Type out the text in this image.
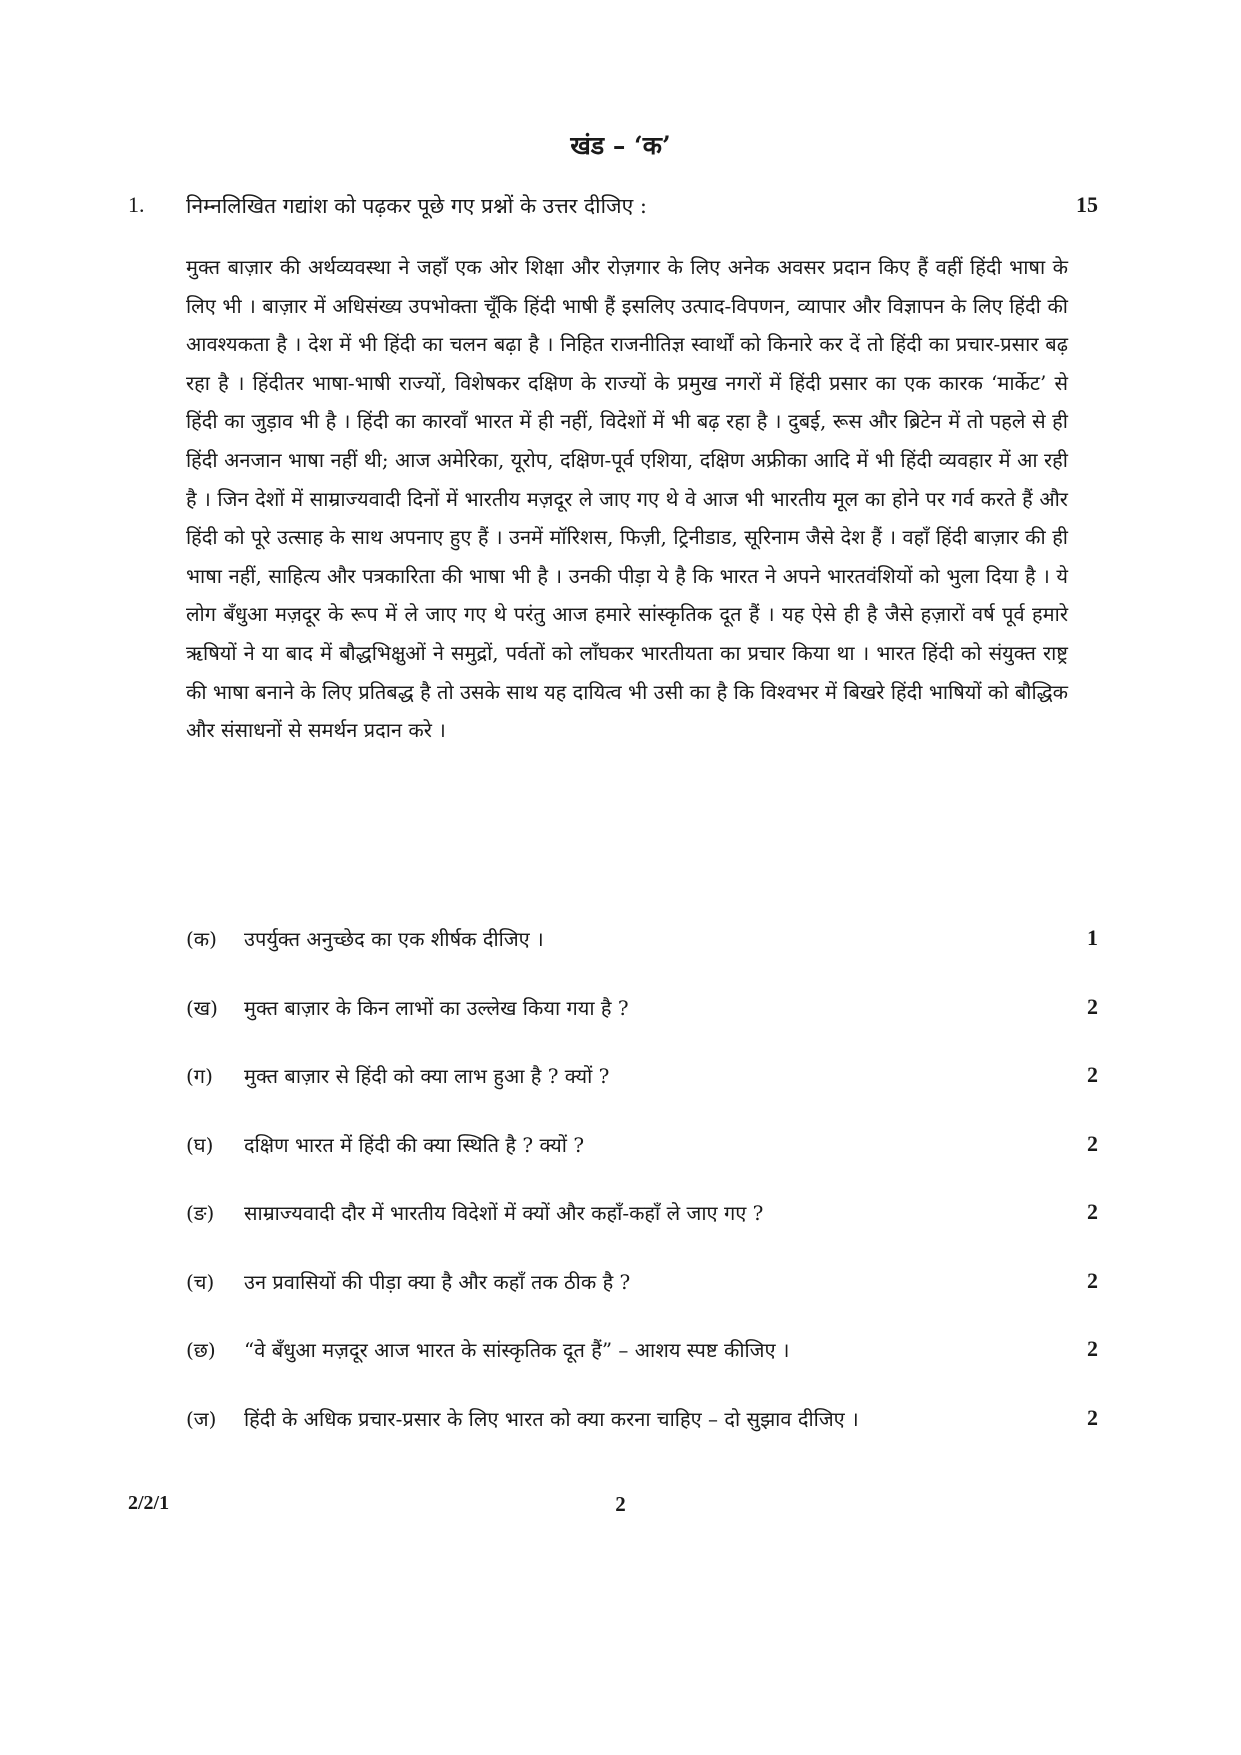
खंड – ‘क’
1. निम्नलिखित गद्यांश को पढ़कर पूछे गए प्रश्नों के उत्तर दीजिए :	15

मुक्त बाज़ार की अर्थव्यवस्था ने जहाँ एक ओर शिक्षा और रोज़गार के लिए अनेक अवसर प्रदान किए हैं वहीं हिंदी भाषा के लिए भी । बाज़ार में अधिसंख्य उपभोक्ता चूँकि हिंदी भाषी हैं इसलिए उत्पाद-विपणन, व्यापार और विज्ञापन के लिए हिंदी की आवश्यकता है । देश में भी हिंदी का चलन बढ़ा है । निहित राजनीतिज्ञ स्वार्थों को किनारे कर दें तो हिंदी का प्रचार-प्रसार बढ़ रहा है । हिंदीतर भाषा-भाषी राज्यों, विशेषकर दक्षिण के राज्यों के प्रमुख नगरों में हिंदी प्रसार का एक कारक ‘मार्केट’ से हिंदी का जुड़ाव भी है । हिंदी का कारवाँ भारत में ही नहीं, विदेशों में भी बढ़ रहा है । दुबई, रूस और ब्रिटेन में तो पहले से ही हिंदी अनजान भाषा नहीं थी; आज अमेरिका, यूरोप, दक्षिण-पूर्व एशिया, दक्षिण अफ्रीका आदि में भी हिंदी व्यवहार में आ रही है । जिन देशों में साम्राज्यवादी दिनों में भारतीय मज़दूर ले जाए गए थे वे आज भी भारतीय मूल का होने पर गर्व करते हैं और हिंदी को पूरे उत्साह के साथ अपनाए हुए हैं । उनमें मॉरिशस, फिज़ी, ट्रिनीडाड, सूरिनाम जैसे देश हैं । वहाँ हिंदी बाज़ार की ही भाषा नहीं, साहित्य और पत्रकारिता की भाषा भी है । उनकी पीड़ा ये है कि भारत ने अपने भारतवंशियों को भुला दिया है । ये लोग बँधुआ मज़दूर के रूप में ले जाए गए थे परंतु आज हमारे सांस्कृतिक दूत हैं । यह ऐसे ही है जैसे हज़ारों वर्ष पूर्व हमारे ऋषियों ने या बाद में बौद्धभिक्षुओं ने समुद्रों, पर्वतों को लाँघकर भारतीयता का प्रचार किया था । भारत हिंदी को संयुक्त राष्ट्र की भाषा बनाने के लिए प्रतिबद्ध है तो उसके साथ यह दायित्व भी उसी का है कि विश्वभर में बिखरे हिंदी भाषियों को बौद्धिक और संसाधनों से समर्थन प्रदान करे ।

(क) उपर्युक्त अनुच्छेद का एक शीर्षक दीजिए ।	1
(ख) मुक्त बाज़ार के किन लाभों का उल्लेख किया गया है ?	2
(ग) मुक्त बाज़ार से हिंदी को क्या लाभ हुआ है ? क्यों ?	2
(घ) दक्षिण भारत में हिंदी की क्या स्थिति है ? क्यों ?	2
(ङ) साम्राज्यवादी दौर में भारतीय विदेशों में क्यों और कहाँ-कहाँ ले जाए गए ?	2
(च) उन प्रवासियों की पीड़ा क्या है और कहाँ तक ठीक है ?	2
(छ) “वे बँधुआ मज़दूर आज भारत के सांस्कृतिक दूत हैं” – आशय स्पष्ट कीजिए ।	2
(ज) हिंदी के अधिक प्रचार-प्रसार के लिए भारत को क्या करना चाहिए – दो सुझाव दीजिए ।	2
2/2/1	2
